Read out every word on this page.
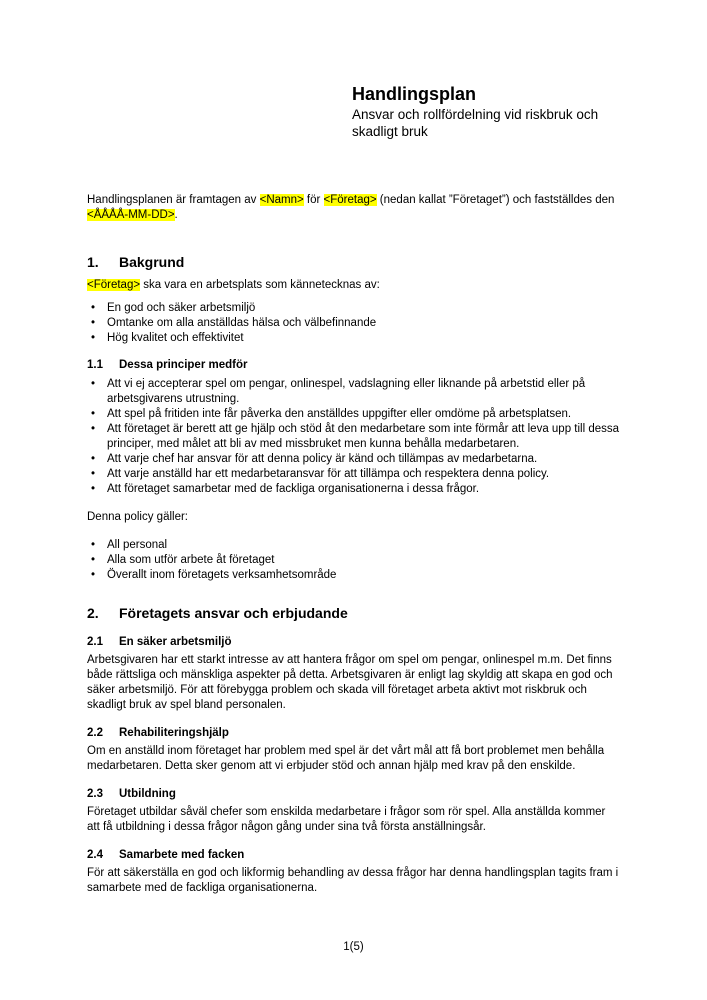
Handlingsplan
Ansvar och rollfördelning vid riskbruk och skadligt bruk

Handlingsplanen är framtagen av <Namn> för <Företag> (nedan kallat ”Företaget”) och fastställdes den <ÅÅÅÅ-MM-DD>.

1. Bakgrund

<Företag> ska vara en arbetsplats som kännetecknas av:

• En god och säker arbetsmiljö
• Omtanke om alla anställdas hälsa och välbefinnande
• Hög kvalitet och effektivitet
1.1 Dessa principer medför
• Att vi ej accepterar spel om pengar, onlinespel, vadslagning eller liknande på arbetstid eller på arbetsgivarens utrustning.
• Att spel på fritiden inte får påverka den anställdes uppgifter eller omdöme på arbetsplatsen.
• Att företaget är berett att ge hjälp och stöd åt den medarbetare som inte förmår att leva upp till dessa principer, med målet att bli av med missbruket men kunna behålla medarbetaren.
• Att varje chef har ansvar för att denna policy är känd och tillämpas av medarbetarna.
• Att varje anställd har ett medarbetaransvar för att tillämpa och respektera denna policy.
• Att företaget samarbetar med de fackliga organisationerna i dessa frågor.

Denna policy gäller:

• All personal
• Alla som utför arbete åt företaget
• Överallt inom företagets verksamhetsområde
2. Företagets ansvar och erbjudande
2.1 En säker arbetsmiljö

Arbetsgivaren har ett starkt intresse av att hantera frågor om spel om pengar, onlinespel m.m. Det finns både rättsliga och mänskliga aspekter på detta. Arbetsgivaren är enligt lag skyldig att skapa en god och säker arbetsmiljö. För att förebygga problem och skada vill företaget arbeta aktivt mot riskbruk och skadligt bruk av spel bland personalen.

2.2 Rehabiliteringshjälp

Om en anställd inom företaget har problem med spel är det vårt mål att få bort problemet men behålla medarbetaren. Detta sker genom att vi erbjuder stöd och annan hjälp med krav på den enskilde.

2.3 Utbildning

Företaget utbildar såväl chefer som enskilda medarbetare i frågor som rör spel. Alla anställda kommer att få utbildning i dessa frågor någon gång under sina två första anställningsår.

2.4 Samarbete med facken

För att säkerställa en god och likformig behandling av dessa frågor har denna handlingsplan tagits fram i samarbete med de fackliga organisationerna.

1(5)
